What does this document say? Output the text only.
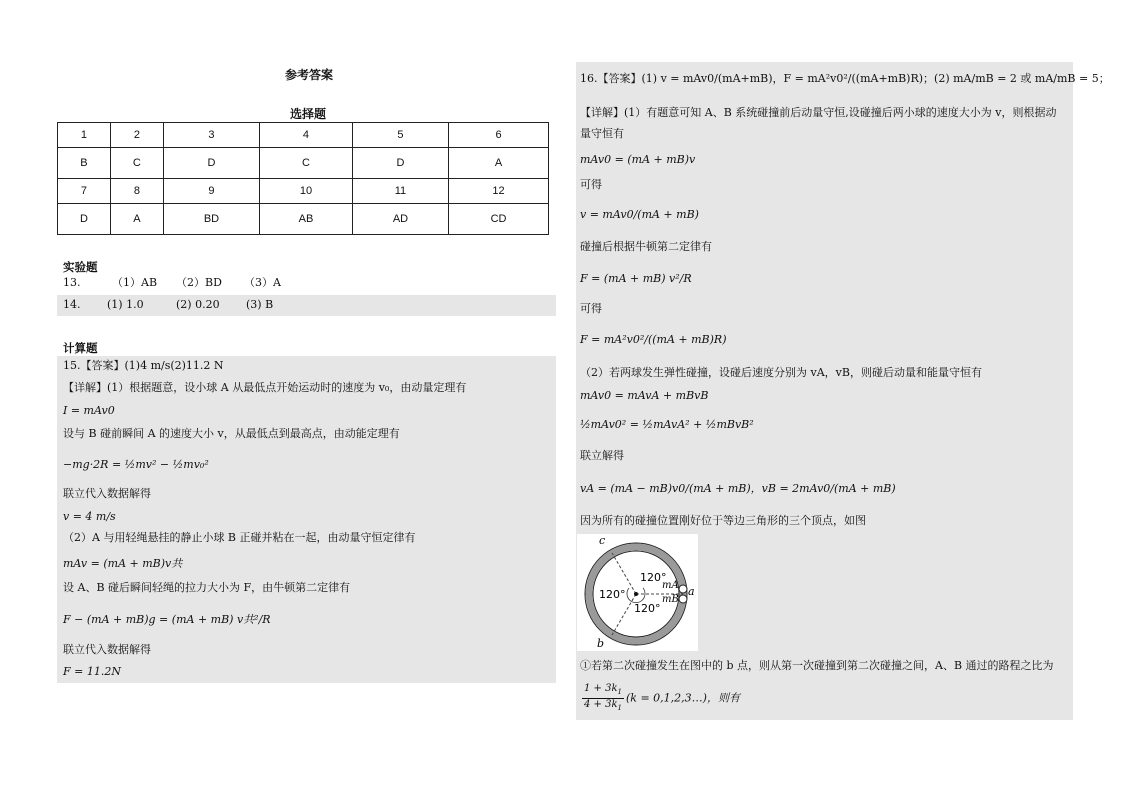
参考答案
选择题
1	2	3	4	5	6
B	C	D	C	D	A
7	8	9	10	11	12
D	A	BD	AB	AD	CD
实验题
13.	（1）AB （2）BD （3）A
14. (1) 1.0	(2) 0.20 (3) B
计算题
15.【答案】(1)4 m/s(2)11.2 N
【详解】(1）根据题意，设小球 A 从最低点开始运动时的速度为 v₀，由动量定理有
I = mAv0
设与 B 碰前瞬间 A 的速度大小 v，从最低点到最高点，由动能定理有
−mg·2R = ½mv² − ½mv₀²
联立代入数据解得
v = 4 m/s
（2）A 与用轻绳悬挂的静止小球 B 正碰并粘在一起，由动量守恒定律有
mAv = (mA + mB)v共
设 A、B 碰后瞬间轻绳的拉力大小为 F，由牛顿第二定律有
F − (mA + mB)g = (mA + mB) v共²/R
联立代入数据解得
F = 11.2N
16.【答案】(1) v = mAv0/(mA+mB)，F = mA²v0²/((mA+mB)R)；(2) mA/mB = 2 或 mA/mB = 5；
【详解】(1）有题意可知 A、B 系统碰撞前后动量守恒,设碰撞后两小球的速度大小为 v，则根据动
量守恒有
mAv0 = (mA + mB)v
可得
v = mAv0/(mA + mB)
碰撞后根据牛顿第二定律有
F = (mA + mB) v²/R
可得
F = mA²v0²/((mA + mB)R)
（2）若两球发生弹性碰撞，设碰后速度分别为 vA，vB，则碰后动量和能量守恒有
mAv0 = mAvA + mBvB
½mAv0² = ½mAvA² + ½mBvB²
联立解得
vA = (mA − mB)v0/(mA + mB)，vB = 2mAv0/(mA + mB)
因为所有的碰撞位置刚好位于等边三角形的三个顶点，如图
c
a
b
120°
120°
120°
mA
mB
①若第二次碰撞发生在图中的 b 点，则从第一次碰撞到第二次碰撞之间，A、B 通过的路程之比为
$\frac{1 + 3k_1}{4 + 3k_1} (k$ = 0,1,2,3…)，则有
